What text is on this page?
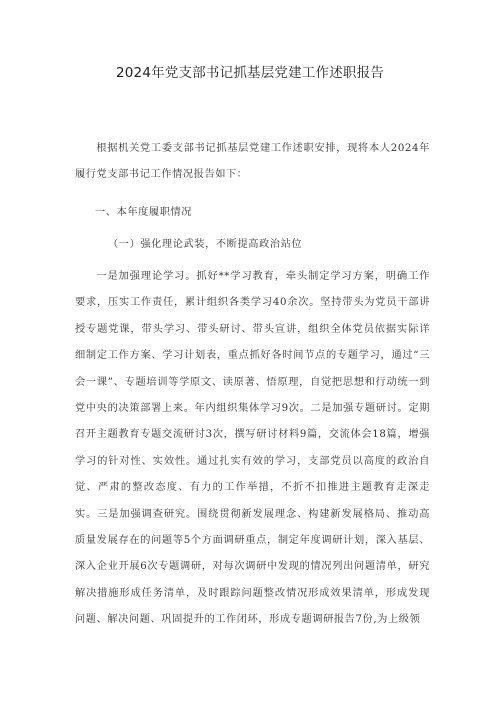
2024年党支部书记抓基层党建工作述职报告

根据机关党工委支部书记抓基层党建工作述职安排，现将本人2024年履行党支部书记工作情况报告如下：

一、本年度履职情况

（一）强化理论武装，不断提高政治站位

一是加强理论学习。抓好**学习教育，牵头制定学习方案，明确工作要求，压实工作责任，累计组织各类学习40余次。坚持带头为党员干部讲授专题党课，带头学习、带头研讨、带头宣讲，组织全体党员依据实际详细制定工作方案、学习计划表，重点抓好各时间节点的专题学习，通过“三会一课”、专题培训等学原文、读原著、悟原理，自觉把思想和行动统一到党中央的决策部署上来。年内组织集体学习9次。二是加强专题研讨。定期召开主题教育专题交流研讨3次，撰写研讨材料9篇，交流体会18篇，增强学习的针对性、实效性。通过扎实有效的学习，支部党员以高度的政治自觉、严肃的整改态度、有力的工作举措，不折不扣推进主题教育走深走实。三是加强调查研究。围绕贯彻新发展理念、构建新发展格局、推动高质量发展存在的问题等5个方面调研重点，制定年度调研计划，深入基层、深入企业开展6次专题调研，对每次调研中发现的情况列出问题清单，研究解决措施形成任务清单，及时跟踪问题整改情况形成效果清单，形成发现问题、解决问题、巩固提升的工作闭环，形成专题调研报告7份,为上级领
